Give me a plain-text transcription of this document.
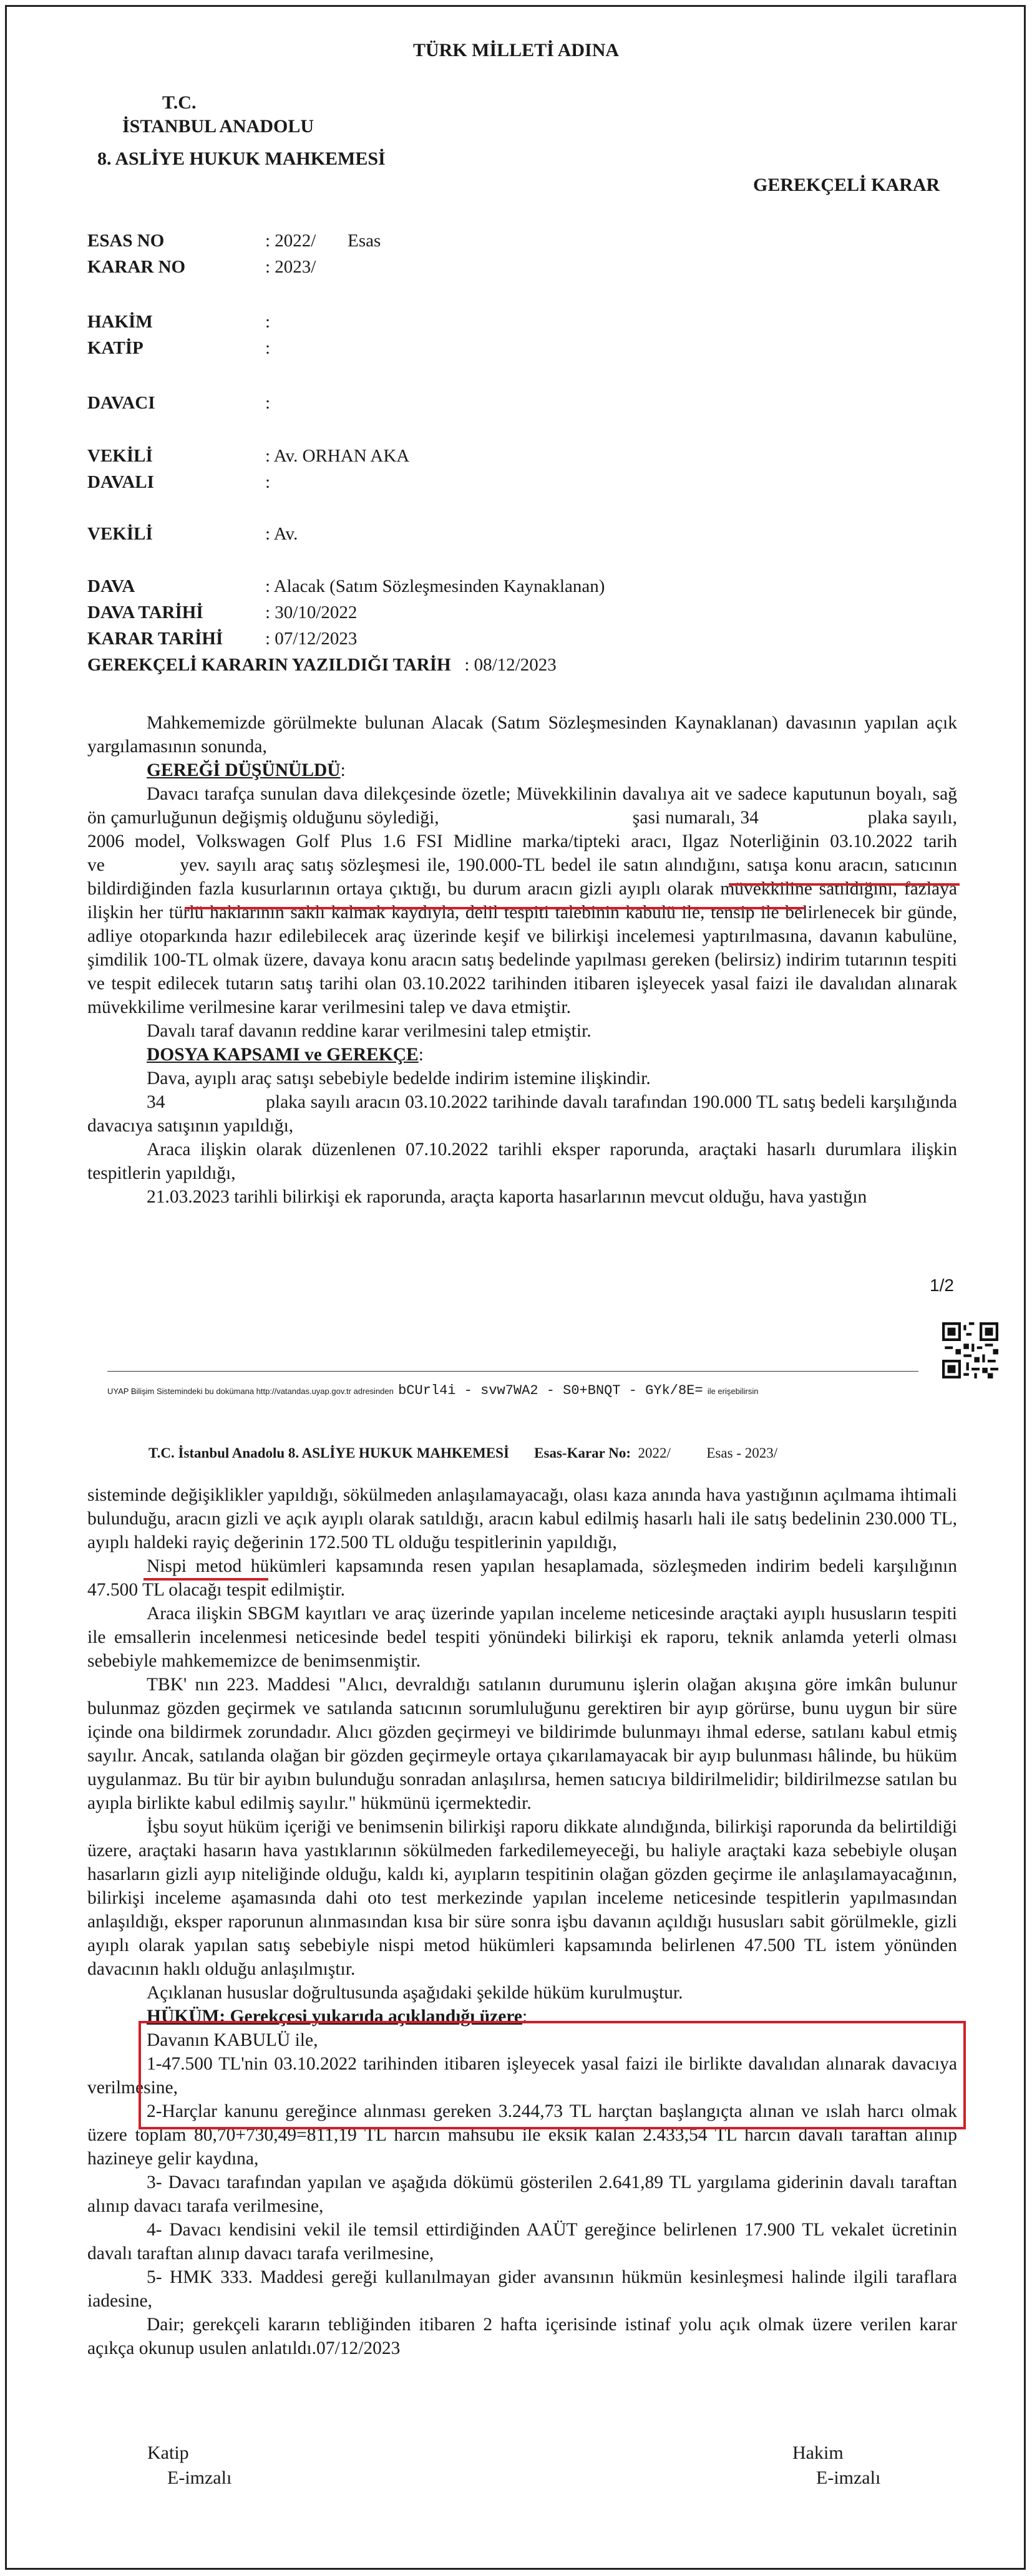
TÜRK MİLLETİ ADINA
T.C.
İSTANBUL ANADOLU
8. ASLİYE HUKUK MAHKEMESİ
GEREKÇELİ KARAR
ESAS NO	: 2022/       Esas
KARAR NO	: 2023/
HAKİM	:
KATİP	:
DAVACI	:
VEKİLİ	: Av. ORHAN AKA
DAVALI	:
VEKİLİ	: Av.
DAVA	: Alacak (Satım Sözleşmesinden Kaynaklanan)
DAVA TARİHİ	: 30/10/2022
KARAR TARİHİ : 07/12/2023
GEREKÇELİ KARARIN YAZILDIĞI TARİH : 08/12/2023

Mahkememizde görülmekte bulunan Alacak (Satım Sözleşmesinden Kaynaklanan) davasının yapılan açık yargılamasının sonunda,

GEREĞİ DÜŞÜNÜLDÜ:

Davacı tarafça sunulan dava dilekçesinde özetle; Müvekkilinin davalıya ait ve sadece kaputunun boyalı, sağ ön çamurluğunun değişmiş olduğunu söylediği,                                       şasi numaralı, 34                      plaka sayılı, 2006 model, Volkswagen Golf Plus 1.6 FSI Midline marka/tipteki aracı, Ilgaz Noterliğinin 03.10.2022 tarih ve           yev. sayılı araç satış sözleşmesi ile, 190.000-TL bedel ile satın alındığını, satışa konu aracın, satıcının bildirdiğinden fazla kusurlarının ortaya çıktığı, bu durum aracın gizli ayıplı olarak müvekkiline satıldığını, fazlaya ilişkin her türlü haklarının saklı kalmak kaydıyla, delil tespiti talebinin kabulü ile, tensip ile belirlenecek bir günde, adliye otoparkında hazır edilebilecek araç üzerinde keşif ve bilirkişi incelemesi yaptırılmasına, davanın kabulüne, şimdilik 100-TL olmak üzere, davaya konu aracın satış bedelinde yapılması gereken (belirsiz) indirim tutarının tespiti ve tespit edilecek tutarın satış tarihi olan 03.10.2022 tarihinden itibaren işleyecek yasal faizi ile davalıdan alınarak müvekkilime verilmesine karar verilmesini talep ve dava etmiştir.

Davalı taraf davanın reddine karar verilmesini talep etmiştir.

DOSYA KAPSAMI ve GEREKÇE:

Dava, ayıplı araç satışı sebebiyle bedelde indirim istemine ilişkindir.

34                     plaka sayılı aracın 03.10.2022 tarihinde davalı tarafından 190.000 TL satış bedeli karşılığında davacıya satışının yapıldığı,

Araca ilişkin olarak düzenlenen 07.10.2022 tarihli eksper raporunda, araçtaki hasarlı durumlara ilişkin tespitlerin yapıldığı,

21.03.2023 tarihli bilirkişi ek raporunda, araçta kaporta hasarlarının mevcut olduğu, hava yastığın

1/2
UYAP Bilişim Sistemindeki bu dokümana http://vatandas.uyap.gov.tr adresinden bCUrl4i - svw7WA2 - S0+BNQT - GYk/8E= ile erişebilirsin
T.C. İstanbul Anadolu 8. ASLİYE HUKUK MAHKEMESİ Esas-Karar No: 2022/	Esas - 2023/

sisteminde değişiklikler yapıldığı, sökülmeden anlaşılamayacağı, olası kaza anında hava yastığının açılmama ihtimali bulunduğu, aracın gizli ve açık ayıplı olarak satıldığı, aracın kabul edilmiş hasarlı hali ile satış bedelinin 230.000 TL, ayıplı haldeki rayiç değerinin 172.500 TL olduğu tespitlerinin yapıldığı,

Nispi metod hükümleri kapsamında resen yapılan hesaplamada, sözleşmeden indirim bedeli karşılığının 47.500 TL olacağı tespit edilmiştir.

Araca ilişkin SBGM kayıtları ve araç üzerinde yapılan inceleme neticesinde araçtaki ayıplı hususların tespiti ile emsallerin incelenmesi neticesinde bedel tespiti yönündeki bilirkişi ek raporu, teknik anlamda yeterli olması sebebiyle mahkememizce de benimsenmiştir.

TBK' nın 223. Maddesi "Alıcı, devraldığı satılanın durumunu işlerin olağan akışına göre imkân bulunur bulunmaz gözden geçirmek ve satılanda satıcının sorumluluğunu gerektiren bir ayıp görürse, bunu uygun bir süre içinde ona bildirmek zorundadır. Alıcı gözden geçirmeyi ve bildirimde bulunmayı ihmal ederse, satılanı kabul etmiş sayılır. Ancak, satılanda olağan bir gözden geçirmeyle ortaya çıkarılamayacak bir ayıp bulunması hâlinde, bu hüküm uygulanmaz. Bu tür bir ayıbın bulunduğu sonradan anlaşılırsa, hemen satıcıya bildirilmelidir; bildirilmezse satılan bu ayıpla birlikte kabul edilmiş sayılır." hükmünü içermektedir.

İşbu soyut hüküm içeriği ve benimsenin bilirkişi raporu dikkate alındığında, bilirkişi raporunda da belirtildiği üzere, araçtaki hasarın hava yastıklarının sökülmeden farkedilemeyeceği, bu haliyle araçtaki kaza sebebiyle oluşan hasarların gizli ayıp niteliğinde olduğu, kaldı ki, ayıpların tespitinin olağan gözden geçirme ile anlaşılamayacağının, bilirkişi inceleme aşamasında dahi oto test merkezinde yapılan inceleme neticesinde tespitlerin yapılmasından anlaşıldığı, eksper raporunun alınmasından kısa bir süre sonra işbu davanın açıldığı hususları sabit görülmekle, gizli ayıplı olarak yapılan satış sebebiyle nispi metod hükümleri kapsamında belirlenen 47.500 TL istem yönünden davacının haklı olduğu anlaşılmıştır.

Açıklanan hususlar doğrultusunda aşağıdaki şekilde hüküm kurulmuştur.

HÜKÜM: Gerekçesi yukarıda açıklandığı üzere:

Davanın KABULÜ ile,

1-47.500 TL'nin 03.10.2022 tarihinden itibaren işleyecek yasal faizi ile birlikte davalıdan alınarak davacıya verilmesine,

2-Harçlar kanunu gereğince alınması gereken 3.244,73 TL harçtan başlangıçta alınan ve ıslah harcı olmak üzere toplam 80,70+730,49=811,19 TL harcın mahsubu ile eksik kalan 2.433,54 TL harcın davalı taraftan alınıp hazineye gelir kaydına,

3- Davacı tarafından yapılan ve aşağıda dökümü gösterilen 2.641,89 TL yargılama giderinin davalı taraftan alınıp davacı tarafa verilmesine,

4- Davacı kendisini vekil ile temsil ettirdiğinden AAÜT gereğince belirlenen 17.900 TL vekalet ücretinin davalı taraftan alınıp davacı tarafa verilmesine,

5- HMK 333. Maddesi gereği kullanılmayan gider avansının hükmün kesinleşmesi halinde ilgili taraflara iadesine,

Dair; gerekçeli kararın tebliğinden itibaren 2 hafta içerisinde istinaf yolu açık olmak üzere verilen karar açıkça okunup usulen anlatıldı.07/12/2023

Katip
E-imzalı
Hakim
E-imzalı
